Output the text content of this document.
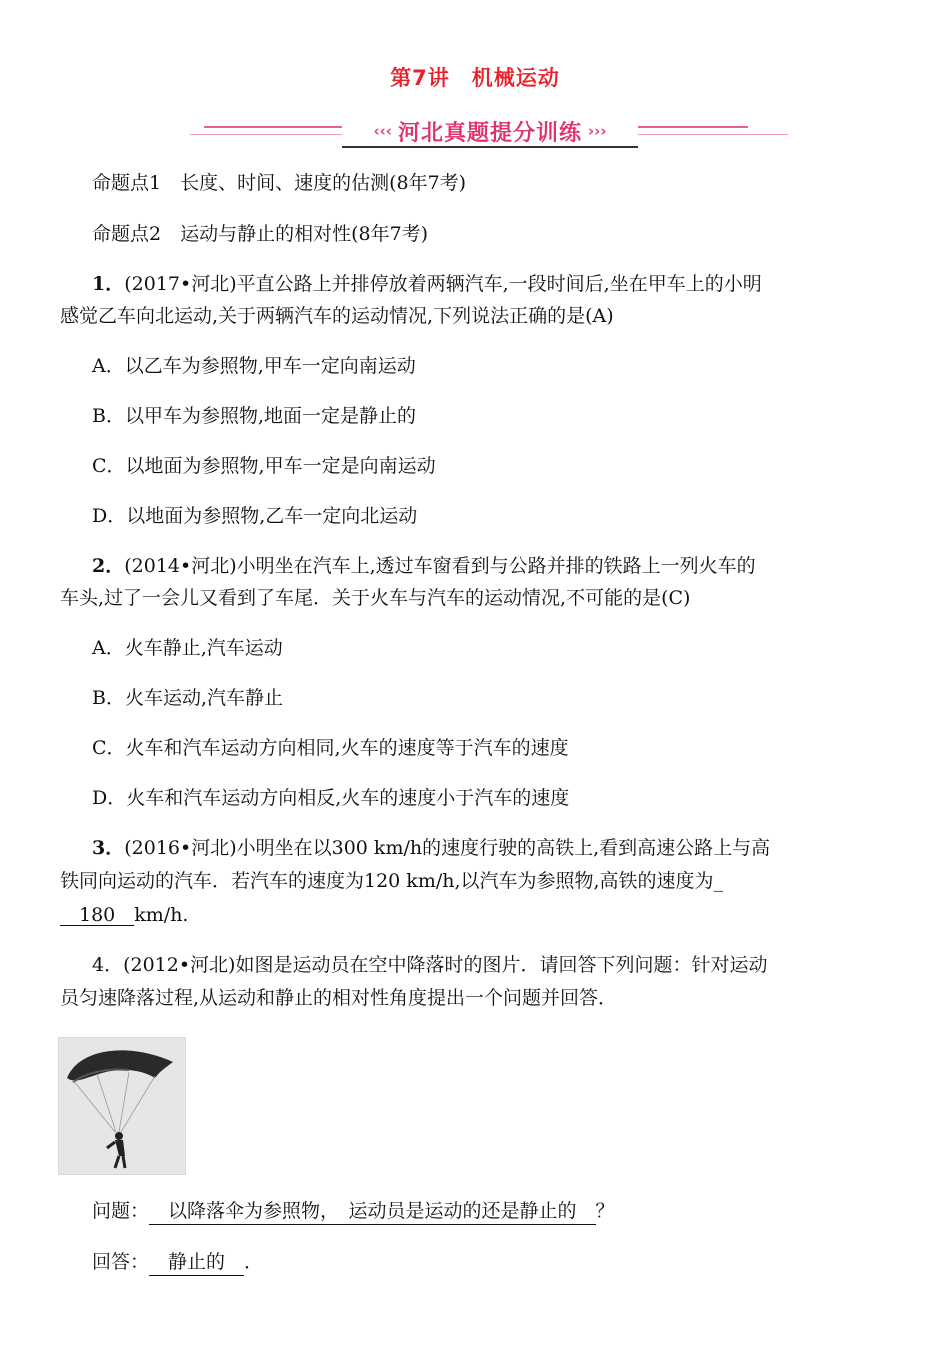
第7讲　机械运动
‹‹‹ 河北真题提分训练 ›››
命题点1　长度、时间、速度的估测(8年7考)
命题点2　运动与静止的相对性(8年7考)
1．(2017•河北)平直公路上并排停放着两辆汽车,一段时间后,坐在甲车上的小明
感觉乙车向北运动,关于两辆汽车的运动情况,下列说法正确的是(A)
A．以乙车为参照物,甲车一定向南运动
B．以甲车为参照物,地面一定是静止的
C．以地面为参照物,甲车一定是向南运动
D．以地面为参照物,乙车一定向北运动
2．(2014•河北)小明坐在汽车上,透过车窗看到与公路并排的铁路上一列火车的
车头,过了一会儿又看到了车尾．关于火车与汽车的运动情况,不可能的是(C)
A．火车静止,汽车运动
B．火车运动,汽车静止
C．火车和汽车运动方向相同,火车的速度等于汽车的速度
D．火车和汽车运动方向相反,火车的速度小于汽车的速度
3．(2016•河北)小明坐在以300 km/h的速度行驶的高铁上,看到高速公路上与高
铁同向运动的汽车．若汽车的速度为120 km/h,以汽车为参照物,高铁的速度为_
　180　km/h.
4．(2012•河北)如图是运动员在空中降落时的图片．请回答下列问题：针对运动
员匀速降落过程,从运动和静止的相对性角度提出一个问题并回答．
问题：　以降落伞为参照物，　运动员是运动的还是静止的　？
回答：　静止的　．
